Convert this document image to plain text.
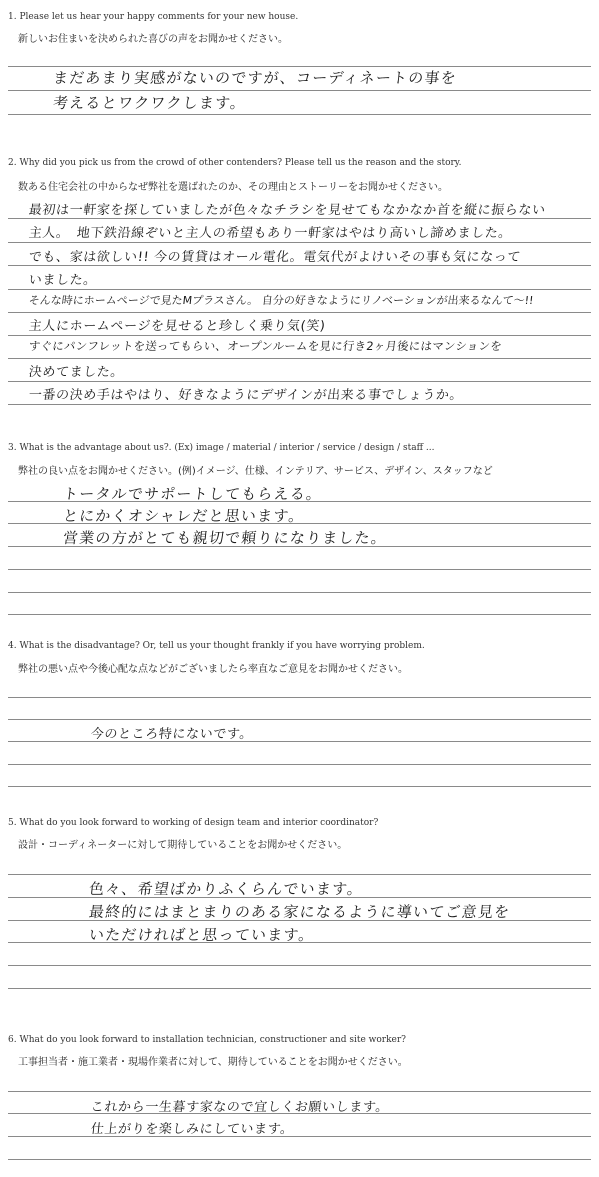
1. Please let us hear your happy comments for your new house.
新しいお住まいを決められた喜びの声をお聞かせください。
まだあまり実感がないのですが、コーディネートの事を
考えるとワクワクします。
2. Why did you pick us from the crowd of other contenders? Please tell us the reason and the story.
数ある住宅会社の中からなぜ弊社を選ばれたのか、その理由とストーリーをお聞かせください。
最初は一軒家を探していましたが色々なチラシを見せてもなかなか首を縦に振らない
主人。　地下鉄沿線ぞいと主人の希望もあり一軒家はやはり高いし諦めました。
でも、家は欲しい!! 今の賃貸はオール電化。電気代がよけいその事も気になって
いました。
そんな時にホームページで見たMプラスさん。 自分の好きなようにリノベーションが出来るなんて〜!!
主人にホームページを見せると珍しく乗り気(笑)
すぐにパンフレットを送ってもらい、オープンルームを見に行き2ヶ月後にはマンションを
決めてました。
一番の決め手はやはり、好きなようにデザインが出来る事でしょうか。
3. What is the advantage about us?. (Ex) image / material / interior / service / design / staff ...
弊社の良い点をお聞かせください。(例)イメージ、仕様、インテリア、サービス、デザイン、スタッフなど
トータルでサポートしてもらえる。
とにかくオシャレだと思います。
営業の方がとても親切で頼りになりました。
4. What is the disadvantage? Or, tell us your thought frankly if you have worrying problem.
弊社の悪い点や今後心配な点などがございましたら率直なご意見をお聞かせください。
今のところ特にないです。
5. What do you look forward to working of design team and interior coordinator?
設計・コーディネーターに対して期待していることをお聞かせください。
色々、希望ばかりふくらんでいます。
最終的にはまとまりのある家になるように導いてご意見を
いただければと思っています。
6. What do you look forward to installation technician, constructioner and site worker?
工事担当者・施工業者・現場作業者に対して、期待していることをお聞かせください。
これから一生暮す家なので宜しくお願いします。
仕上がりを楽しみにしています。
